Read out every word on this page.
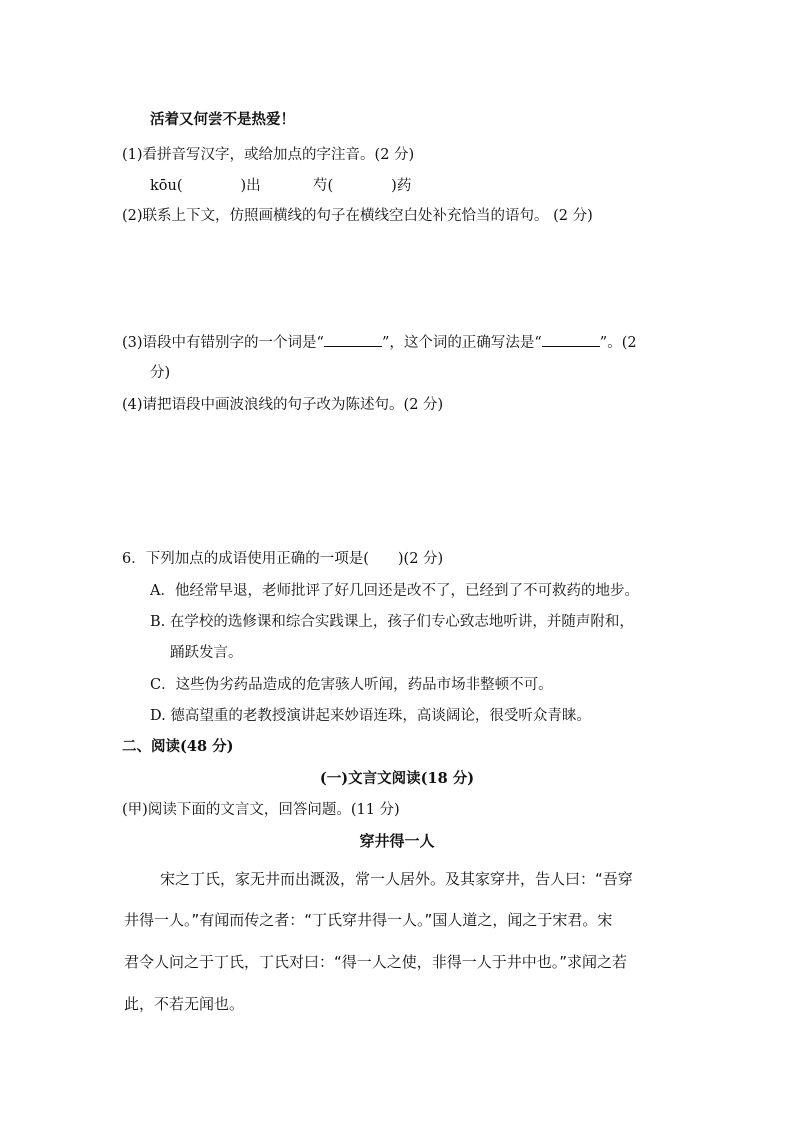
活着又何尝不是热爱！
(1)看拼音写汉字，或给加点的字注音。(2 分)
kōu(　　　　)出	芍(　　　　)药
(2)联系上下文，仿照画横线的句子在横线空白处补充恰当的语句。 (2 分)
(3)语段中有错别字的一个词是“	”，这个词的正确写法是“	”。(2
分)
(4)请把语段中画波浪线的句子改为陈述句。(2 分)
6．下列加点的成语使用正确的一项是(　　)(2 分)
A．他经常早退，老师批评了好几回还是改不了，已经到了不可救药的地步。
B. 在学校的选修课和综合实践课上，孩子们专心致志地听讲，并随声附和，
踊跃发言。
C．这些伪劣药品造成的危害骇人听闻，药品市场非整顿不可。
D. 德高望重的老教授演讲起来妙语连珠，高谈阔论，很受听众青睐。
二、阅读(48 分)
(一)文言文阅读(18 分)
(甲)阅读下面的文言文，回答问题。(11 分)
穿井得一人
宋之丁氏，家无井而出溉汲，常一人居外。及其家穿井，告人曰：“吾穿
井得一人。”有闻而传之者：“丁氏穿井得一人。”国人道之，闻之于宋君。宋
君令人问之于丁氏，丁氏对曰：“得一人之使，非得一人于井中也。”求闻之若
此，不若无闻也。
